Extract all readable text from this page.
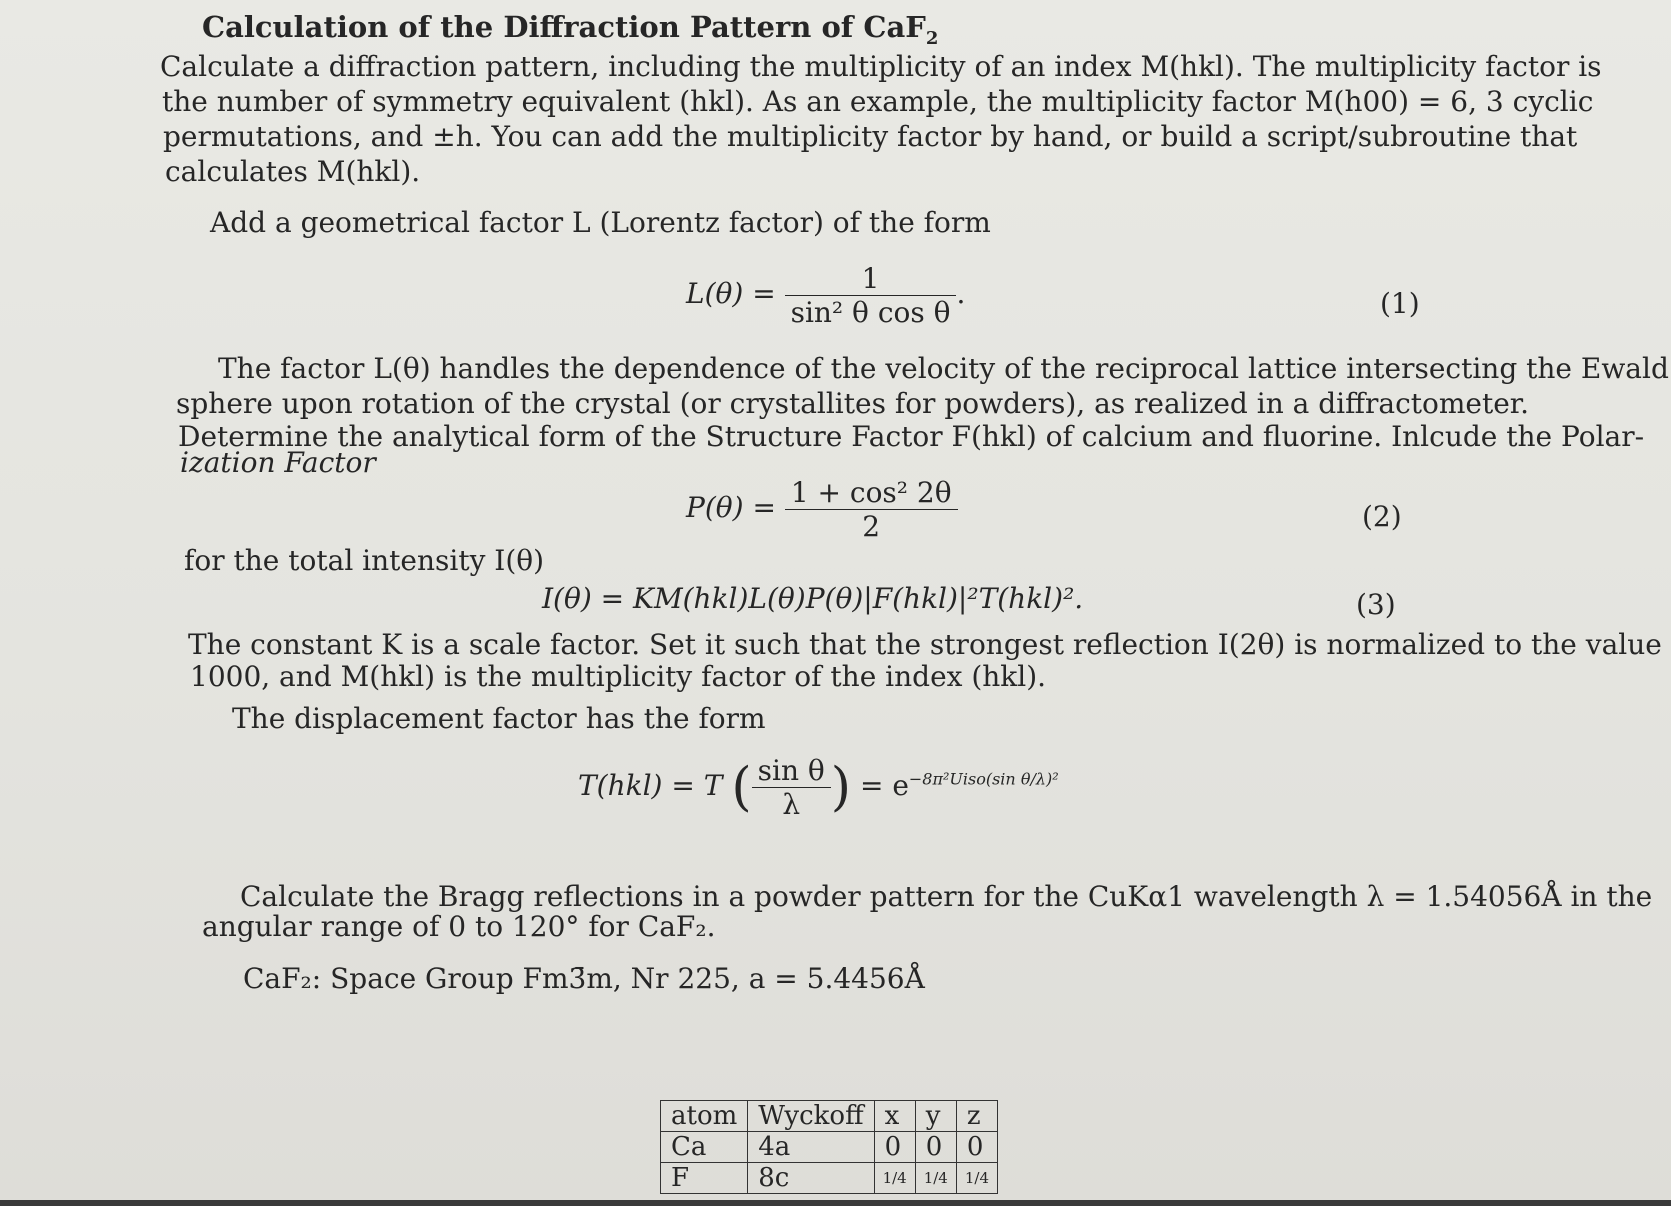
Calculation of the Diffraction Pattern of CaF$_2$
Calculate a diffraction pattern, including the multiplicity of an index M(hkl). The multiplicity factor is
the number of symmetry equivalent (hkl). As an example, the multiplicity factor M(h00) = 6, 3 cyclic
permutations, and ±h. You can add the multiplicity factor by hand, or build a script/subroutine that
calculates M(hkl).
Add a geometrical factor L (Lorentz factor) of the form
$L(\theta) = \frac{1}{\text{sin² θ cos θ}}$ .	(1)
The factor L(θ) handles the dependence of the velocity of the reciprocal lattice intersecting the Ewald
sphere upon rotation of the crystal (or crystallites for powders), as realized in a diffractometer.
Determine the analytical form of the Structure Factor F(hkl) of calcium and fluorine. Inlcude the Polar-
ization Factor
$P(\theta) = \frac{\text{1 + cos² 2θ}}{2}$	(2)
for the total intensity I(θ)
I(θ) = KM(hkl)L(θ)P(θ)|F(hkl)|²T(hkl)².	(3)
The constant K is a scale factor. Set it such that the strongest reflection I(2θ) is normalized to the value
1000, and M(hkl) is the multiplicity factor of the index (hkl).
The displacement factor has the form
T(hkl) = T ( $\frac{\text{sin θ}}{\lambda}$ ) = $e^{-8\pi^2Uiso(sin \theta/\lambda)^2}$
Calculate the Bragg reflections in a powder pattern for the CuKα1 wavelength λ = 1.54056Å in the
angular range of 0 to 120° for CaF₂.
CaF₂: Space Group Fm3̄m, Nr 225, a = 5.4456Å
atom	Wyckoff	x	y	z
Ca	4a	0	0	0
F	8c	1/4	1/4	1/4
